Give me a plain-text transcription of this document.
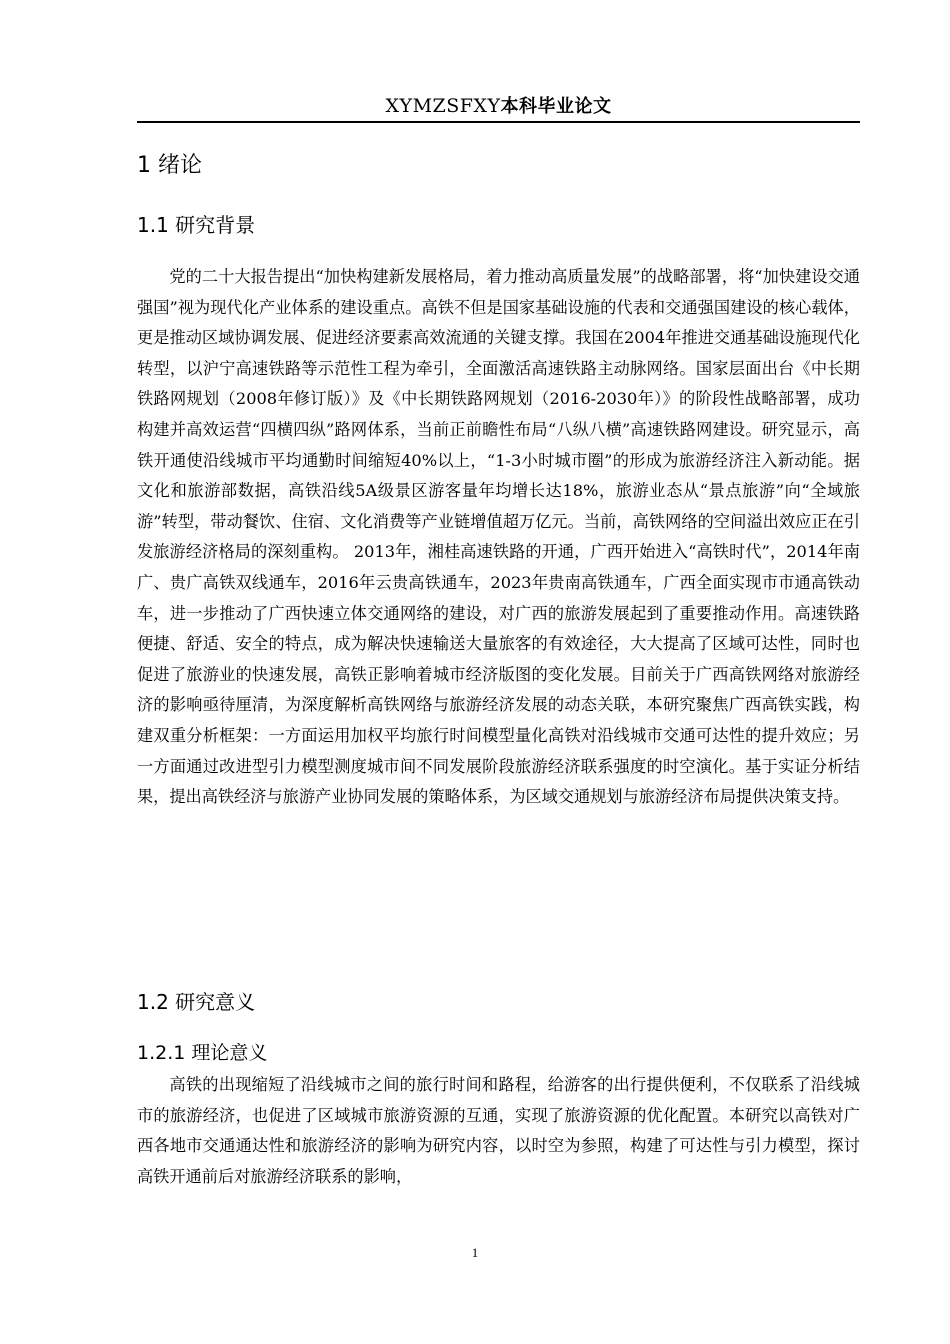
XYMZSFXY本科毕业论文
1 绪论
1.1 研究背景

党的二十大报告提出“加快构建新发展格局，着力推动高质量发展”的战略部署，将“加快建设交通强国”视为现代化产业体系的建设重点。高铁不但是国家基础设施的代表和交通强国建设的核心载体，更是推动区域协调发展、促进经济要素高效流通的关键支撑。我国在2004年推进交通基础设施现代化转型，以沪宁高速铁路等示范性工程为牵引，全面激活高速铁路主动脉网络。国家层面出台《中长期铁路网规划（2008年修订版）》及《中长期铁路网规划（2016-2030年）》的阶段性战略部署，成功构建并高效运营“四横四纵”路网体系，当前正前瞻性布局“八纵八横”高速铁路网建设。研究显示，高铁开通使沿线城市平均通勤时间缩短40%以上，“1-3小时城市圈”的形成为旅游经济注入新动能。据文化和旅游部数据，高铁沿线5A级景区游客量年均增长达18%，旅游业态从“景点旅游”向“全域旅游”转型，带动餐饮、住宿、文化消费等产业链增值超万亿元。当前，高铁网络的空间溢出效应正在引发旅游经济格局的深刻重构。 2013年，湘桂高速铁路的开通，广西开始进入“高铁时代”，2014年南广、贵广高铁双线通车，2016年云贵高铁通车，2023年贵南高铁通车，广西全面实现市市通高铁动车，进一步推动了广西快速立体交通网络的建设，对广西的旅游发展起到了重要推动作用。高速铁路便捷、舒适、安全的特点，成为解决快速输送大量旅客的有效途径，大大提高了区域可达性，同时也促进了旅游业的快速发展，高铁正影响着城市经济版图的变化发展。目前关于广西高铁网络对旅游经济的影响亟待厘清，为深度解析高铁网络与旅游经济发展的动态关联，本研究聚焦广西高铁实践，构建双重分析框架：一方面运用加权平均旅行时间模型量化高铁对沿线城市交通可达性的提升效应；另一方面通过改进型引力模型测度城市间不同发展阶段旅游经济联系强度的时空演化。基于实证分析结果，提出高铁经济与旅游产业协同发展的策略体系，为区域交通规划与旅游经济布局提供决策支持。

1.2 研究意义
1.2.1 理论意义

高铁的出现缩短了沿线城市之间的旅行时间和路程，给游客的出行提供便利，不仅联系了沿线城市的旅游经济，也促进了区域城市旅游资源的互通，实现了旅游资源的优化配置。本研究以高铁对广西各地市交通通达性和旅游经济的影响为研究内容，以时空为参照，构建了可达性与引力模型，探讨高铁开通前后对旅游经济联系的影响，

1
